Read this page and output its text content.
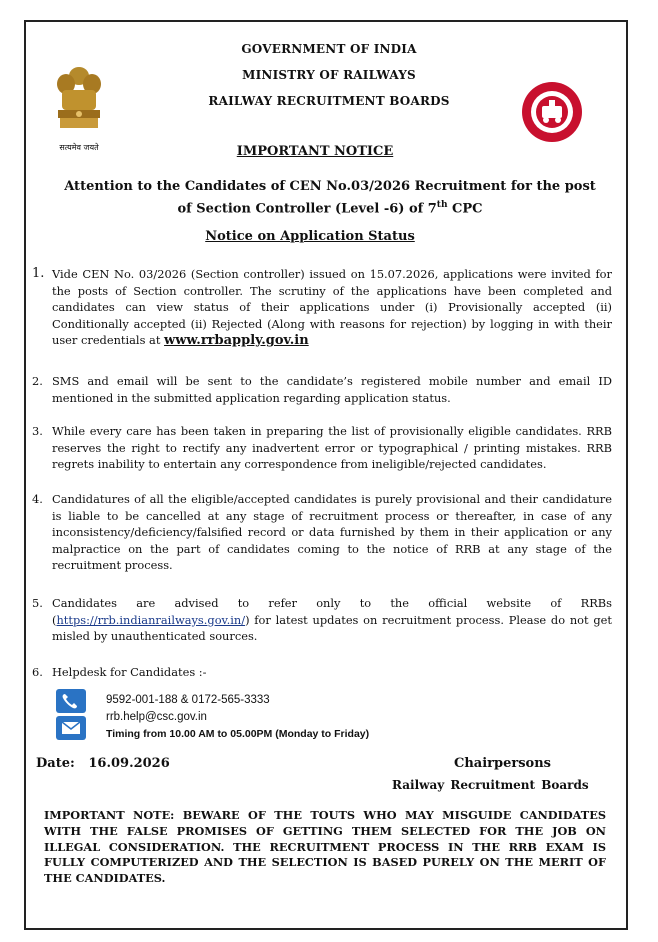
GOVERNMENT OF INDIA
MINISTRY OF RAILWAYS
RAILWAY RECRUITMENT BOARDS
सत्यमेव जयते	IMPORTANT NOTICE
Attention to the Candidates of CEN No.03/2026 Recruitment for the post
of Section Controller (Level -6) of 7th CPC
Notice on Application Status
1. Vide CEN No. 03/2026 (Section controller) issued on 15.07.2026, applications were invited for the posts of Section controller. The scrutiny of the applications have been completed and candidates can view status of their applications under (i) Provisionally accepted (ii) Conditionally accepted (ii) Rejected (Along with reasons for rejection) by logging in with their user credentials at www.rrbapply.gov.in
2. SMS and email will be sent to the candidate’s registered mobile number and email ID mentioned in the submitted application regarding application status.
3. While every care has been taken in preparing the list of provisionally eligible candidates. RRB reserves the right to rectify any inadvertent error or typographical / printing mistakes. RRB regrets inability to entertain any correspondence from ineligible/rejected candidates.
4. Candidatures of all the eligible/accepted candidates is purely provisional and their candidature is liable to be cancelled at any stage of recruitment process or thereafter, in case of any inconsistency/deficiency/falsified record or data furnished by them in their application or any malpractice on the part of candidates coming to the notice of RRB at any stage of the recruitment process.
5. Candidates are advised to refer only to the official website of RRBs (https://rrb.indianrailways.gov.in/) for latest updates on recruitment process. Please do not get misled by unauthenticated sources.
6. Helpdesk for Candidates :-
9592-001-188 & 0172-565-3333
rrb.help@csc.gov.in
Timing from 10.00 AM to 05.00PM (Monday to Friday)
Date: 16.09.2026	Chairpersons
Railway Recruitment Boards
IMPORTANT NOTE: BEWARE OF THE TOUTS WHO MAY MISGUIDE CANDIDATES WITH THE FALSE PROMISES OF GETTING THEM SELECTED FOR THE JOB ON ILLEGAL CONSIDERATION. THE RECRUITMENT PROCESS IN THE RRB EXAM IS FULLY COMPUTERIZED AND THE SELECTION IS BASED PURELY ON THE MERIT OF THE CANDIDATES.
